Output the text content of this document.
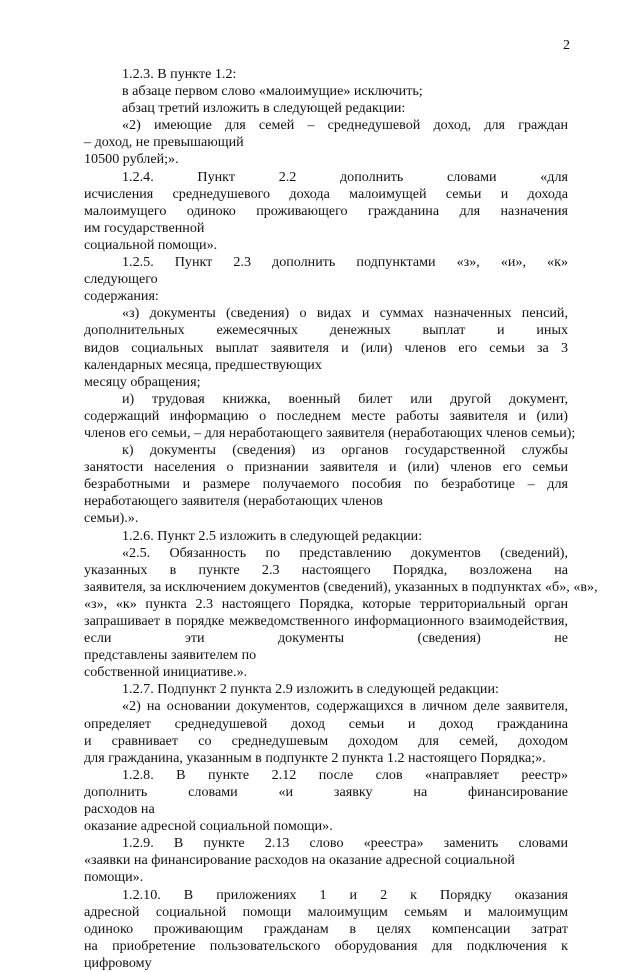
2

1.2.3. В пункте 1.2:

в абзаце первом слово «малоимущие» исключить;

абзац третий изложить в следующей редакции:

«2) имеющие для семей – среднедушевой доход, для граждан
– доход, не превышающий
10500 рублей;».

1.2.4. Пункт 2.2 дополнить словами «для
исчисления среднедушевого дохода малоимущей семьи и дохода
малоимущего одиноко проживающего гражданина для назначения
им государственной
социальной помощи».

1.2.5. Пункт 2.3 дополнить подпунктами «з», «и», «к»
следующего
содержания:

«з) документы (сведения) о видах и суммах назначенных пенсий,
дополнительных ежемесячных денежных выплат и иных
видов социальных выплат заявителя и (или) членов его семьи за 3
календарных месяца, предшествующих
месяцу обращения;

и) трудовая книжка, военный билет или другой документ,
содержащий информацию о последнем месте работы заявителя и (или)
членов его семьи, – для неработающего заявителя (неработающих членов семьи);

к) документы (сведения) из органов государственной службы
занятости населения о признании заявителя и (или) членов его семьи
безработными и размере получаемого пособия по безработице – для
неработающего заявителя (неработающих членов
семьи).».

1.2.6. Пункт 2.5 изложить в следующей редакции:

«2.5. Обязанность по представлению документов (сведений),
указанных в пункте 2.3 настоящего Порядка, возложена на
заявителя, за исключением документов (сведений), указанных в подпунктах «б», «в»,
«з», «к» пункта 2.3 настоящего Порядка, которые территориальный орган
запрашивает в порядке межведомственного информационного взаимодействия,
если эти документы (сведения) не
представлены заявителем по
собственной инициативе.».

1.2.7. Подпункт 2 пункта 2.9 изложить в следующей редакции:

«2) на основании документов, содержащихся в личном деле заявителя,
определяет среднедушевой доход семьи и доход гражданина
и сравнивает со среднедушевым доходом для семей, доходом
для гражданина, указанным в подпункте 2 пункта 1.2 настоящего Порядка;».

1.2.8. В пункте 2.12 после слов «направляет реестр»
дополнить словами «и заявку на финансирование
расходов на
оказание адресной социальной помощи».

1.2.9. В пункте 2.13 слово «реестра» заменить словами
«заявки на финансирование расходов на оказание адресной социальной
помощи».

1.2.10. В приложениях 1 и 2 к Порядку оказания
адресной социальной помощи малоимущим семьям и малоимущим
одиноко проживающим гражданам в целях компенсации затрат
на приобретение пользовательского оборудования для подключения к
цифровому
